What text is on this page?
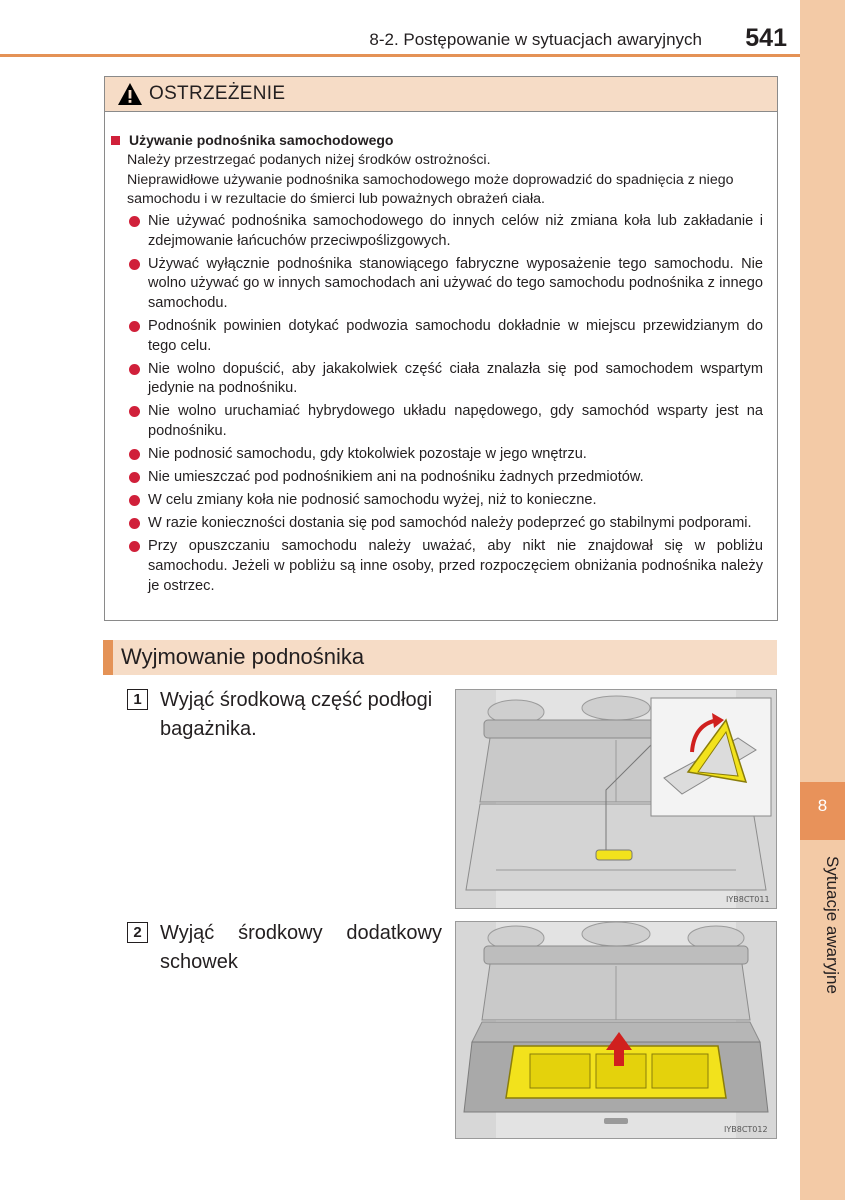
8
Sytuacje awaryjne
8-2. Postępowanie w sytuacjach awaryjnych 541
OSTRZEŻENIE
Używanie podnośnika samochodowego

Należy przestrzegać podanych niżej środków ostrożności.

Nieprawidłowe używanie podnośnika samochodowego może doprowadzić do spadnięcia z niego samochodu i w rezultacie do śmierci lub poważnych obrażeń ciała.

Nie używać podnośnika samochodowego do innych celów niż zmiana koła lub zakładanie i zdejmowanie łańcuchów przeciwpoślizgowych.
Używać wyłącznie podnośnika stanowiącego fabryczne wyposażenie tego samochodu. Nie wolno używać go w innych samochodach ani używać do tego samochodu podnośnika z innego samochodu.
Podnośnik powinien dotykać podwozia samochodu dokładnie w miejscu przewidzianym do tego celu.
Nie wolno dopuścić, aby jakakolwiek część ciała znalazła się pod samochodem wspartym jedynie na podnośniku.
Nie wolno uruchamiać hybrydowego układu napędowego, gdy samochód wsparty jest na podnośniku.
Nie podnosić samochodu, gdy ktokolwiek pozostaje w jego wnętrzu.
Nie umieszczać pod podnośnikiem ani na podnośniku żadnych przedmiotów.
W celu zmiany koła nie podnosić samochodu wyżej, niż to konieczne.
W razie konieczności dostania się pod samochód należy podeprzeć go stabilnymi podporami.
Przy opuszczaniu samochodu należy uważać, aby nikt nie znajdował się w pobliżu samochodu. Jeżeli w pobliżu są inne osoby, przed rozpoczęciem obniżania podnośnika należy je ostrzec.
Wyjmowanie podnośnika
1 Wyjąć środkową część podłogi bagażnika.
IYB8CT011
2 Wyjąć środkowy dodatkowy schowek
IYB8CT012
